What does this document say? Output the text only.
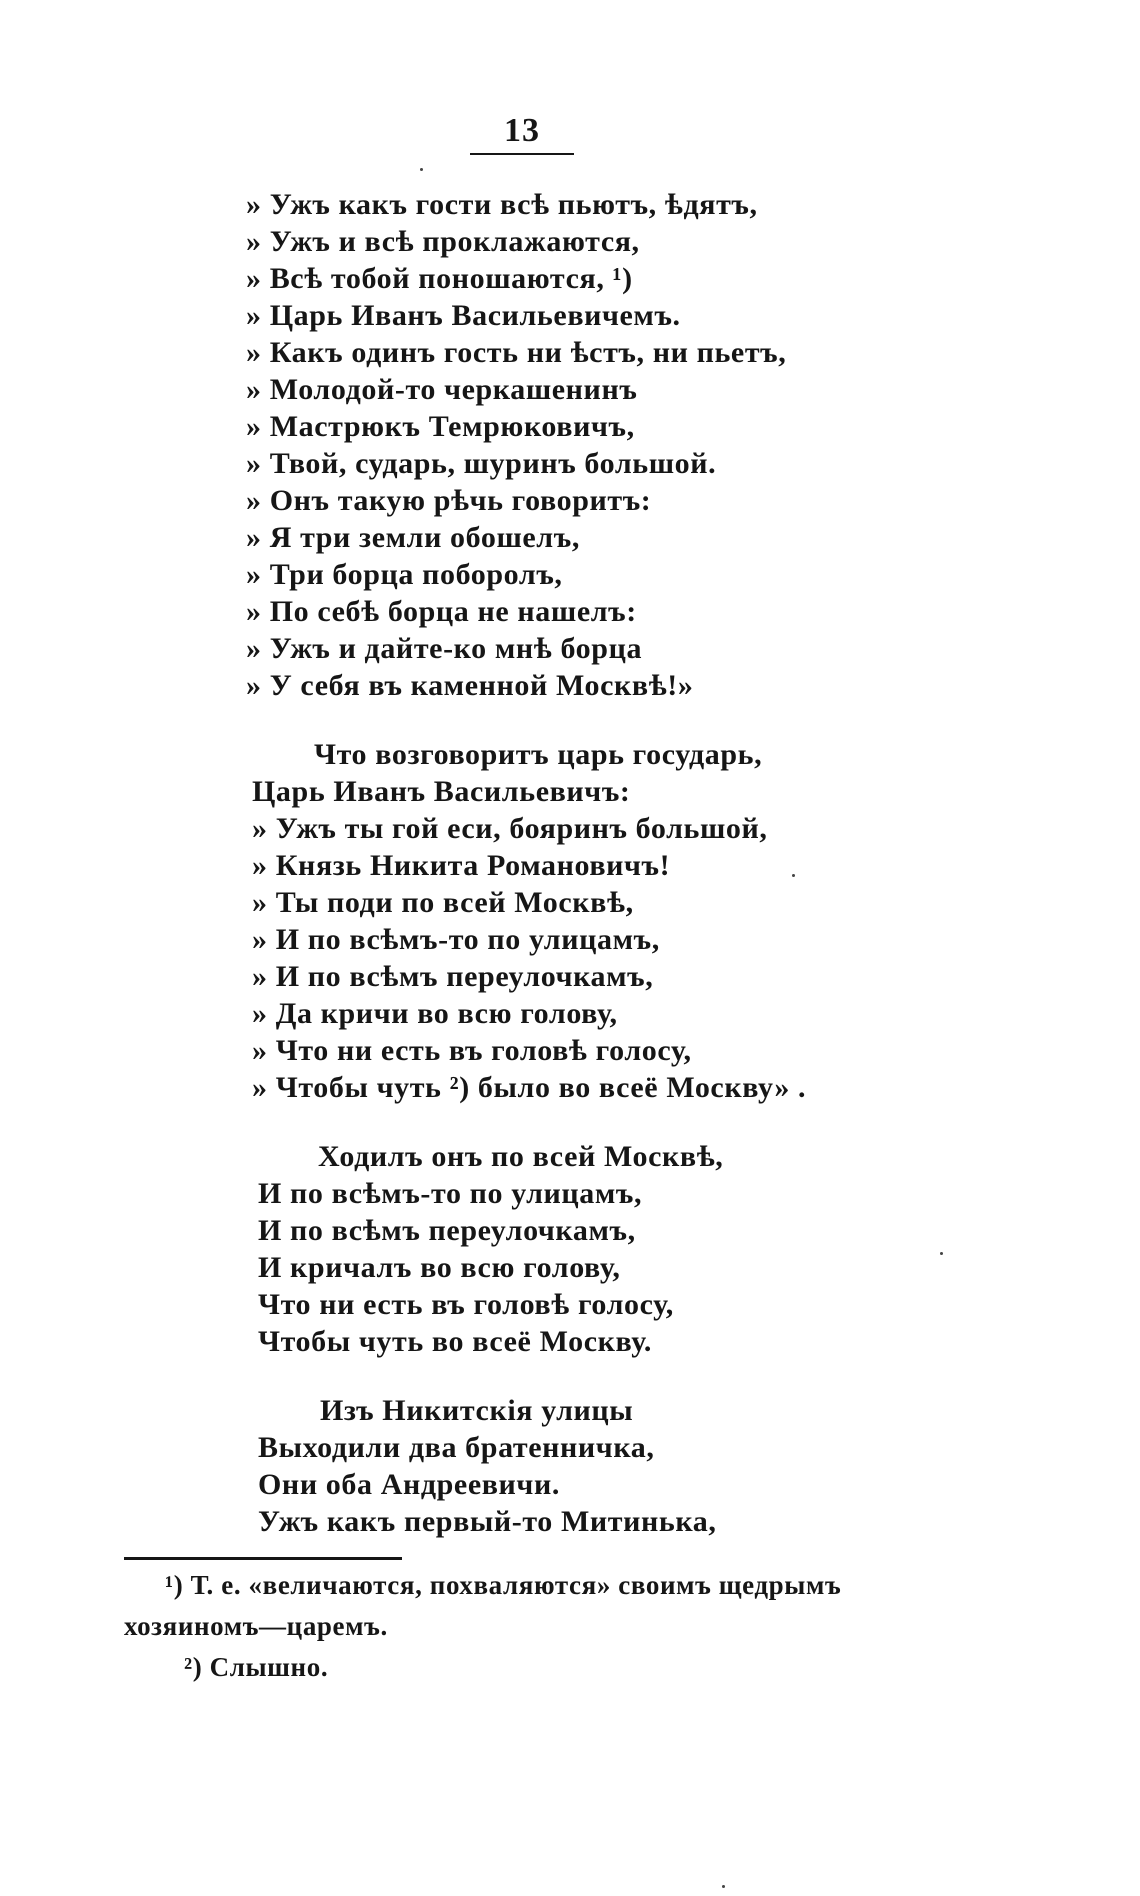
13
» Ужъ какъ гости всѣ пьютъ, ѣдятъ,
» Ужъ и всѣ проклажаются,
» Всѣ тобой поношаются, ¹)
» Царь Иванъ Васильевичемъ.
» Какъ одинъ гость ни ѣстъ, ни пьетъ,
» Молодой-то черкашенинъ
» Мастрюкъ Темрюковичъ,
» Твой, сударь, шуринъ большой.
» Онъ такую рѣчь говоритъ:
» Я три земли обошелъ,
» Три борца поборолъ,
» По себѣ борца не нашелъ:
» Ужъ и дайте-ко мнѣ борца
» У себя въ каменной Москвѣ!»
Что возговоритъ царь государь,
Царь Иванъ Васильевичъ:
» Ужъ ты гой еси, бояринъ большой,
» Князь Никита Романовичъ!
» Ты поди по всей Москвѣ,
» И по всѣмъ-то по улицамъ,
» И по всѣмъ переулочкамъ,
» Да кричи во всю голову,
» Что ни есть въ головѣ голосу,
» Чтобы чуть ²) было во всеё Москву» .
Ходилъ онъ по всей Москвѣ,
И по всѣмъ-то по улицамъ,
И по всѣмъ переулочкамъ,
И кричалъ во всю голову,
Что ни есть въ головѣ голосу,
Чтобы чуть во всеё Москву.
Изъ Никитскія улицы
Выходили два братенничка,
Они оба Андреевичи.
Ужъ какъ первый-то Митинька,
¹) Т. е. «величаются, похваляются» своимъ щедрымъ
хозяиномъ—царемъ.
²) Слышно.
